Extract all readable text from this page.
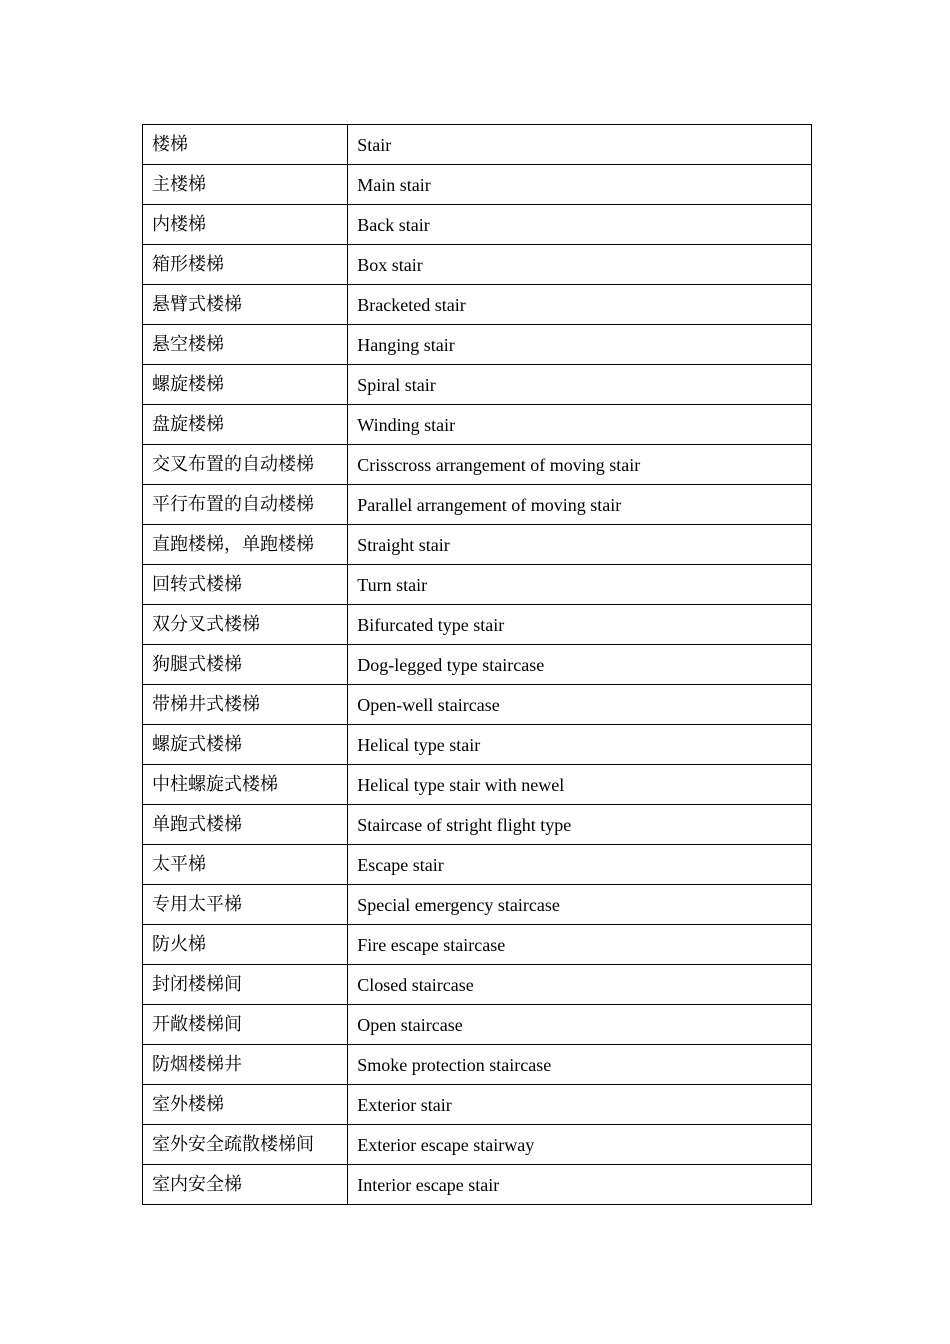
楼梯	Stair
主楼梯	Main stair
内楼梯	Back stair
箱形楼梯	Box stair
悬臂式楼梯	Bracketed stair
悬空楼梯	Hanging stair
螺旋楼梯	Spiral stair
盘旋楼梯	Winding stair
交叉布置的自动楼梯	Crisscross arrangement of moving stair
平行布置的自动楼梯	Parallel arrangement of moving stair
直跑楼梯，单跑楼梯	Straight stair
回转式楼梯	Turn stair
双分叉式楼梯	Bifurcated type stair
狗腿式楼梯	Dog-legged type staircase
带梯井式楼梯	Open-well staircase
螺旋式楼梯	Helical type stair
中柱螺旋式楼梯	Helical type stair with newel
单跑式楼梯	Staircase of stright flight type
太平梯	Escape stair
专用太平梯	Special emergency staircase
防火梯	Fire escape staircase
封闭楼梯间	Closed staircase
开敞楼梯间	Open staircase
防烟楼梯井	Smoke protection staircase
室外楼梯	Exterior stair
室外安全疏散楼梯间	Exterior escape stairway
室内安全梯	Interior escape stair
